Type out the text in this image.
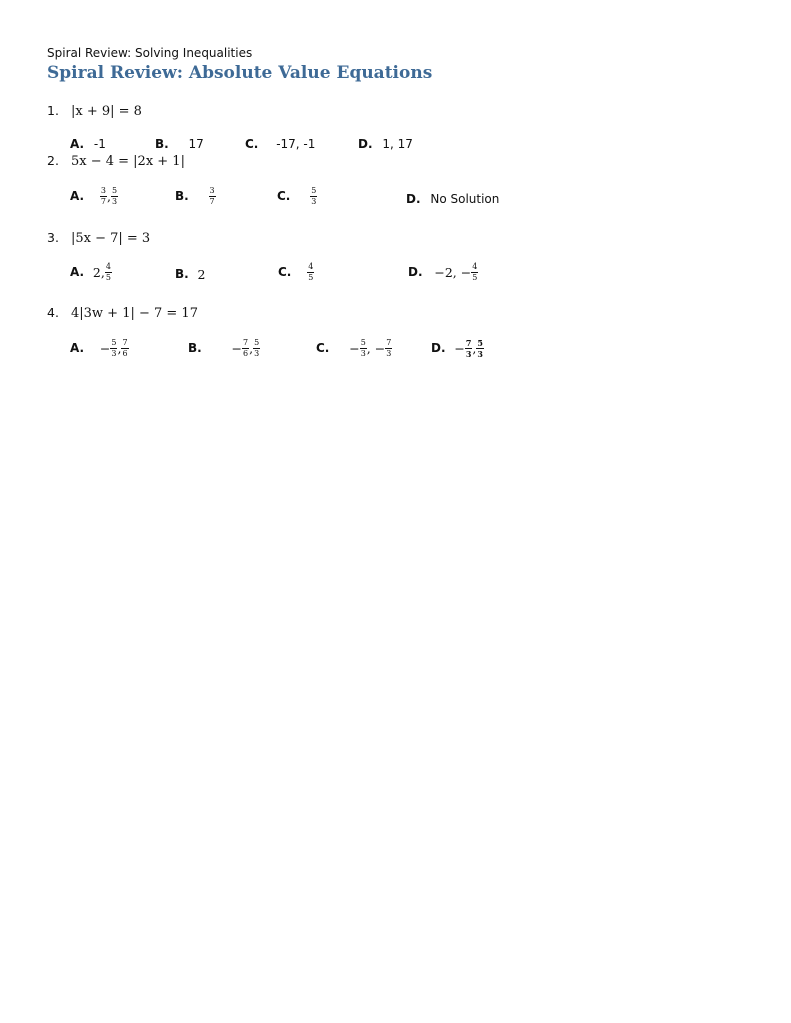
Spiral Review: Solving Inequalities
Spiral Review: Absolute Value Equations
1. |x + 9| = 8
A. -1	B. 17	C. -17, -1	D. 1, 17
2. 5x − 4 = |2x + 1|
A. $\frac{3}{7}$ , $\frac{5}{3}$	B. $\frac{3}{7}$	C. $\frac{5}{3}$	D. No Solution
3. |5x − 7| = 3
A. 2, $\frac{4}{5}$	B. 2	C. $\frac{4}{5}$	D. −2, − $\frac{4}{5}$
4. 4|3w + 1| − 7 = 17
A. − $\frac{5}{3}$ , $\frac{7}{6}$	B. − $\frac{7}{6}$ , $\frac{5}{3}$	C. − $\frac{5}{3}$ , − $\frac{7}{3}$	D. − $\frac{7}{3}$ , $\frac{5}{3}$
